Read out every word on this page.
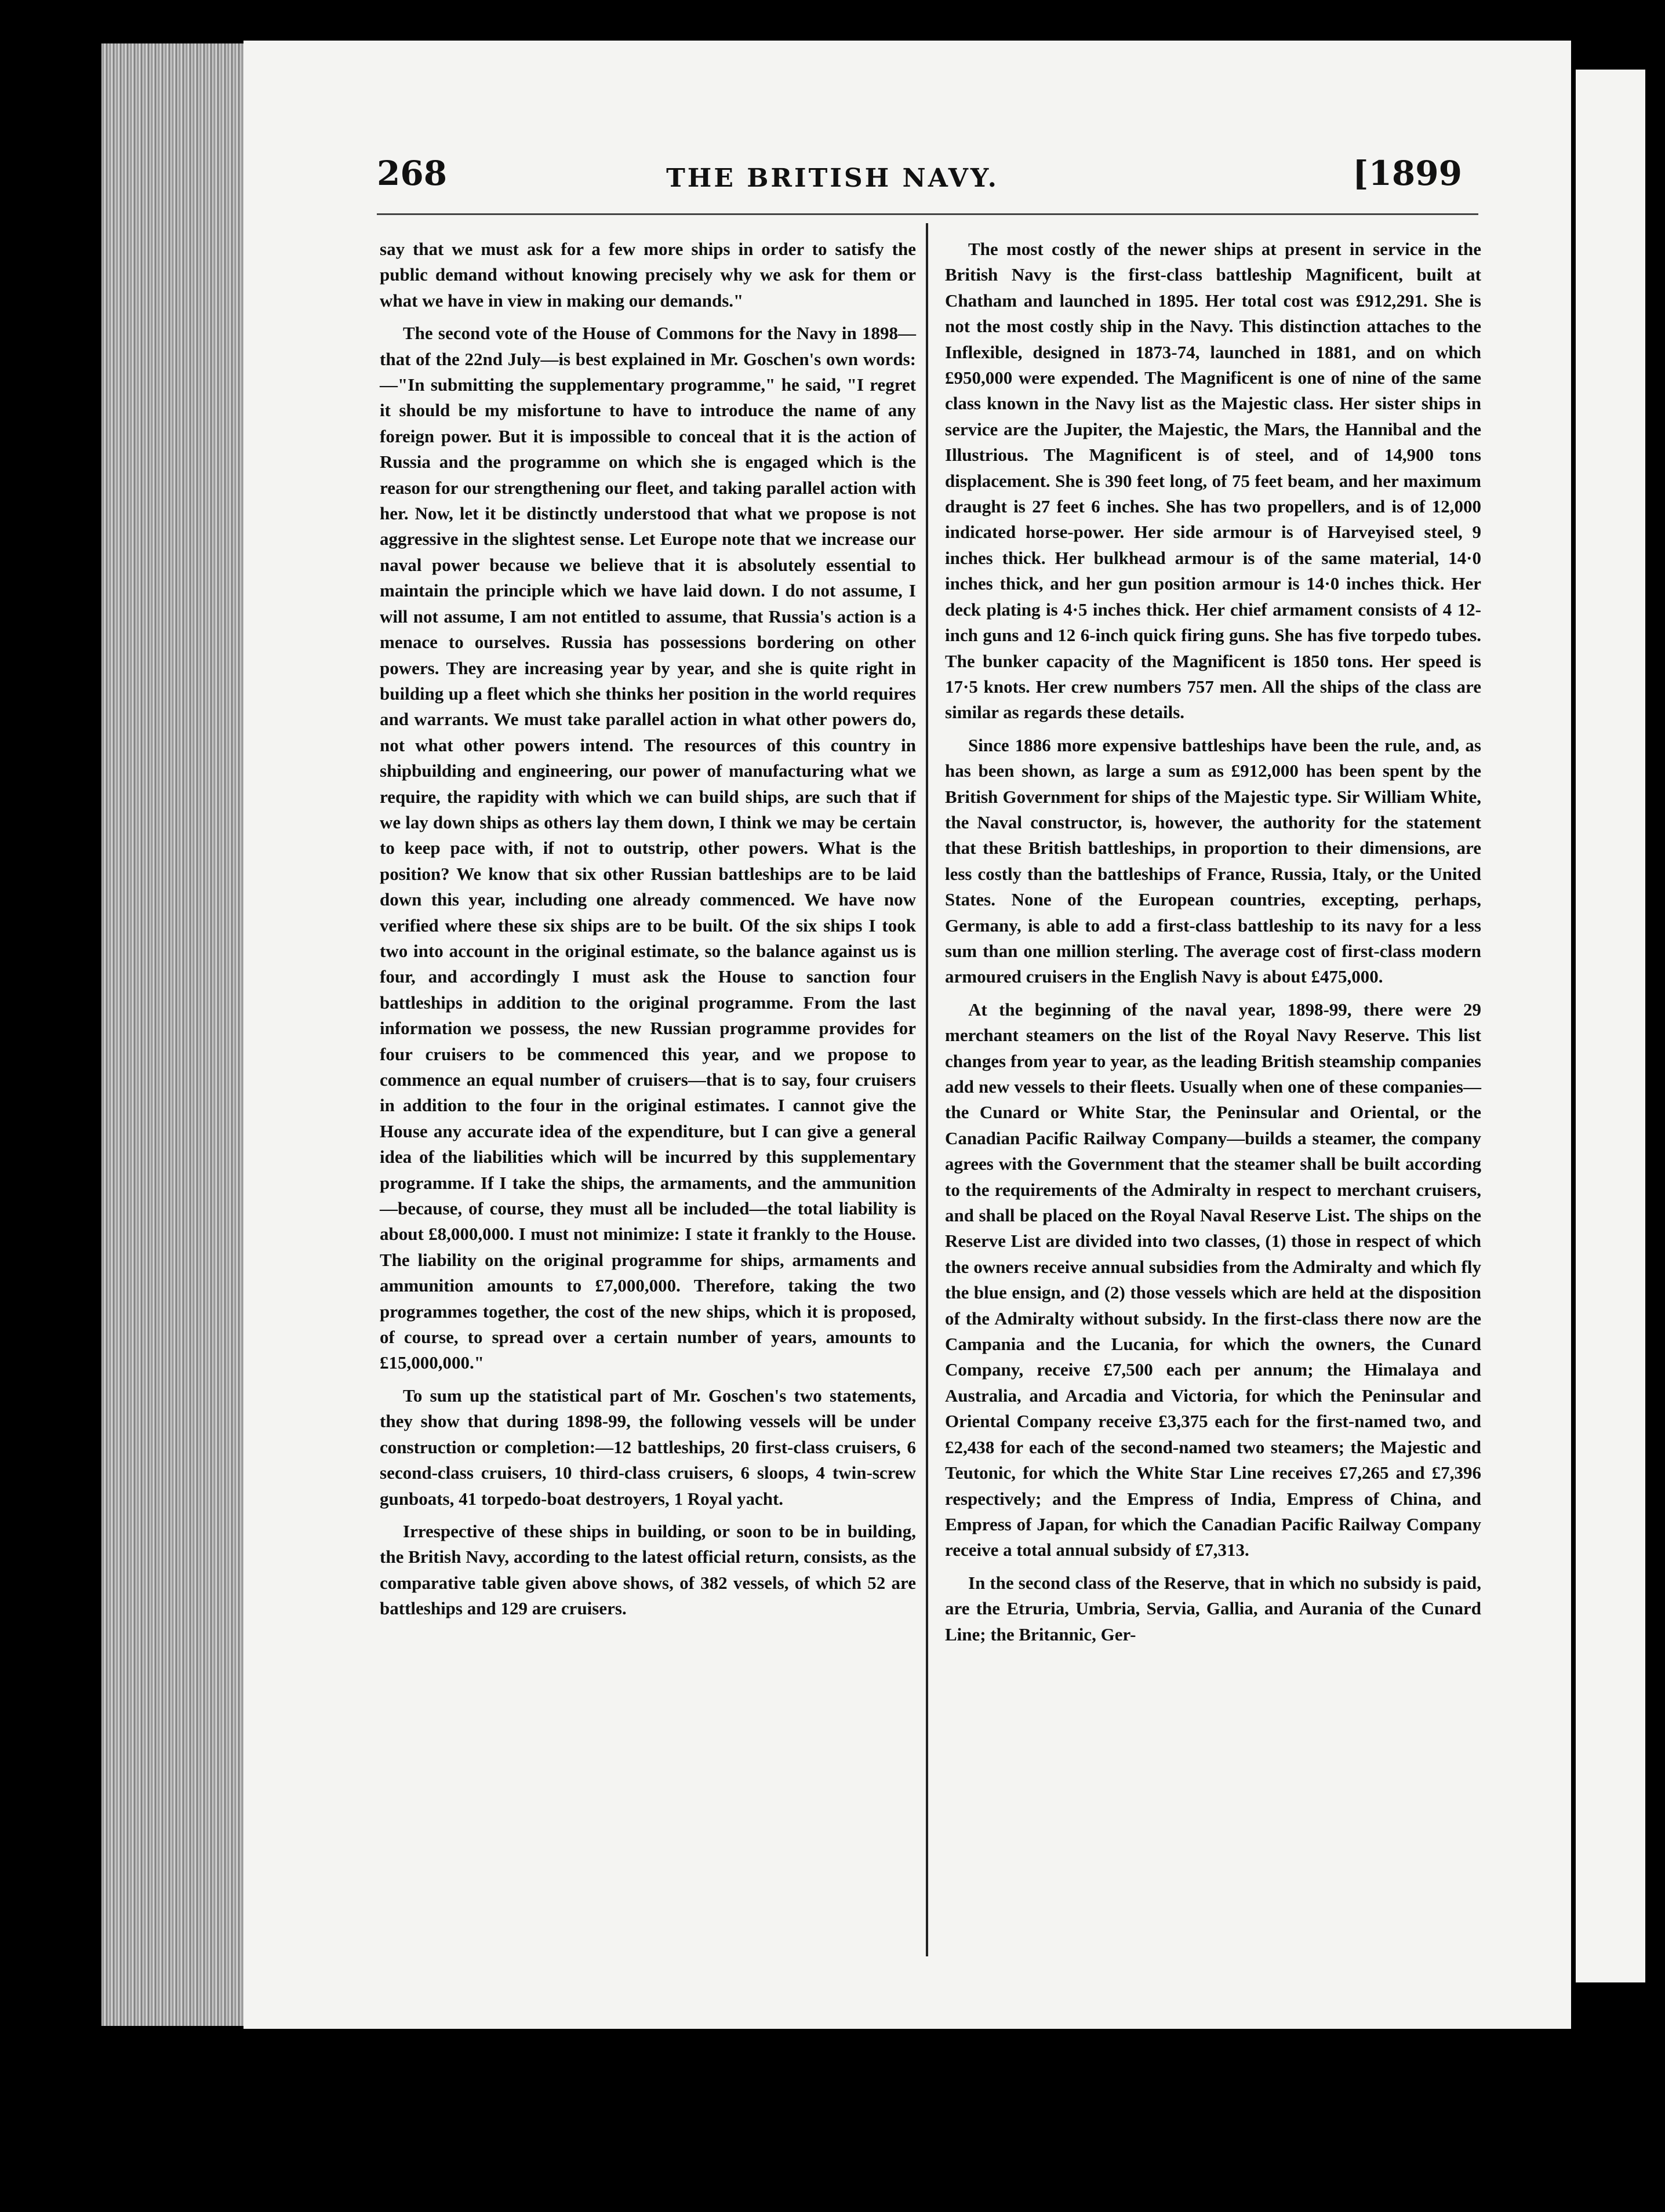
268	THE BRITISH NAVY.	[1899

say that we must ask for a few more ships in order to satisfy the public demand without knowing precisely why we ask for them or what we have in view in making our demands."

The second vote of the House of Commons for the Navy in 1898—that of the 22nd July—is best explained in Mr. Goschen's own words:—"In submitting the supplementary programme," he said, "I regret it should be my misfortune to have to introduce the name of any foreign power. But it is impossible to conceal that it is the action of Russia and the programme on which she is engaged which is the reason for our strengthening our fleet, and taking parallel action with her. Now, let it be distinctly understood that what we propose is not aggressive in the slightest sense. Let Europe note that we increase our naval power because we believe that it is absolutely essential to maintain the principle which we have laid down. I do not assume, I will not assume, I am not entitled to assume, that Russia's action is a menace to ourselves. Russia has possessions bordering on other powers. They are increasing year by year, and she is quite right in building up a fleet which she thinks her position in the world requires and warrants. We must take parallel action in what other powers do, not what other powers intend. The resources of this country in shipbuilding and engineering, our power of manufacturing what we require, the rapidity with which we can build ships, are such that if we lay down ships as others lay them down, I think we may be certain to keep pace with, if not to outstrip, other powers. What is the position? We know that six other Russian battleships are to be laid down this year, including one already commenced. We have now verified where these six ships are to be built. Of the six ships I took two into account in the original estimate, so the balance against us is four, and accordingly I must ask the House to sanction four battleships in addition to the original programme. From the last information we possess, the new Russian programme provides for four cruisers to be commenced this year, and we propose to commence an equal number of cruisers—that is to say, four cruisers in addition to the four in the original estimates. I cannot give the House any accurate idea of the expenditure, but I can give a general idea of the liabilities which will be incurred by this supplementary programme. If I take the ships, the armaments, and the ammunition—because, of course, they must all be included—the total liability is about £8,000,000. I must not minimize: I state it frankly to the House. The liability on the original programme for ships, armaments and ammunition amounts to £7,000,000. Therefore, taking the two programmes together, the cost of the new ships, which it is proposed, of course, to spread over a certain number of years, amounts to £15,000,000."

To sum up the statistical part of Mr. Goschen's two statements, they show that during 1898-99, the following vessels will be under construction or completion:—12 battleships, 20 first-class cruisers, 6 second-class cruisers, 10 third-class cruisers, 6 sloops, 4 twin-screw gunboats, 41 torpedo-boat destroyers, 1 Royal yacht.

Irrespective of these ships in building, or soon to be in building, the British Navy, according to the latest official return, consists, as the comparative table given above shows, of 382 vessels, of which 52 are battleships and 129 are cruisers.

The most costly of the newer ships at present in service in the British Navy is the first-class battleship Magnificent, built at Chatham and launched in 1895. Her total cost was £912,291. She is not the most costly ship in the Navy. This distinction attaches to the Inflexible, designed in 1873-74, launched in 1881, and on which £950,000 were expended. The Magnificent is one of nine of the same class known in the Navy list as the Majestic class. Her sister ships in service are the Jupiter, the Majestic, the Mars, the Hannibal and the Illustrious. The Magnificent is of steel, and of 14,900 tons displacement. She is 390 feet long, of 75 feet beam, and her maximum draught is 27 feet 6 inches. She has two propellers, and is of 12,000 indicated horse-power. Her side armour is of Harveyised steel, 9 inches thick. Her bulkhead armour is of the same material, 14·0 inches thick, and her gun position armour is 14·0 inches thick. Her deck plating is 4·5 inches thick. Her chief armament consists of 4 12-inch guns and 12 6-inch quick firing guns. She has five torpedo tubes. The bunker capacity of the Magnificent is 1850 tons. Her speed is 17·5 knots. Her crew numbers 757 men. All the ships of the class are similar as regards these details.

Since 1886 more expensive battleships have been the rule, and, as has been shown, as large a sum as £912,000 has been spent by the British Government for ships of the Majestic type. Sir William White, the Naval constructor, is, however, the authority for the statement that these British battleships, in proportion to their dimensions, are less costly than the battleships of France, Russia, Italy, or the United States. None of the European countries, excepting, perhaps, Germany, is able to add a first-class battleship to its navy for a less sum than one million sterling. The average cost of first-class modern armoured cruisers in the English Navy is about £475,000.

At the beginning of the naval year, 1898-99, there were 29 merchant steamers on the list of the Royal Navy Reserve. This list changes from year to year, as the leading British steamship companies add new vessels to their fleets. Usually when one of these companies—the Cunard or White Star, the Peninsular and Oriental, or the Canadian Pacific Railway Company—builds a steamer, the company agrees with the Government that the steamer shall be built according to the requirements of the Admiralty in respect to merchant cruisers, and shall be placed on the Royal Naval Reserve List. The ships on the Reserve List are divided into two classes, (1) those in respect of which the owners receive annual subsidies from the Admiralty and which fly the blue ensign, and (2) those vessels which are held at the disposition of the Admiralty without subsidy. In the first-class there now are the Campania and the Lucania, for which the owners, the Cunard Company, receive £7,500 each per annum; the Himalaya and Australia, and Arcadia and Victoria, for which the Peninsular and Oriental Company receive £3,375 each for the first-named two, and £2,438 for each of the second-named two steamers; the Majestic and Teutonic, for which the White Star Line receives £7,265 and £7,396 respectively; and the Empress of India, Empress of China, and Empress of Japan, for which the Canadian Pacific Railway Company receive a total annual subsidy of £7,313.

In the second class of the Reserve, that in which no subsidy is paid, are the Etruria, Umbria, Servia, Gallia, and Aurania of the Cunard Line; the Britannic, Ger-
